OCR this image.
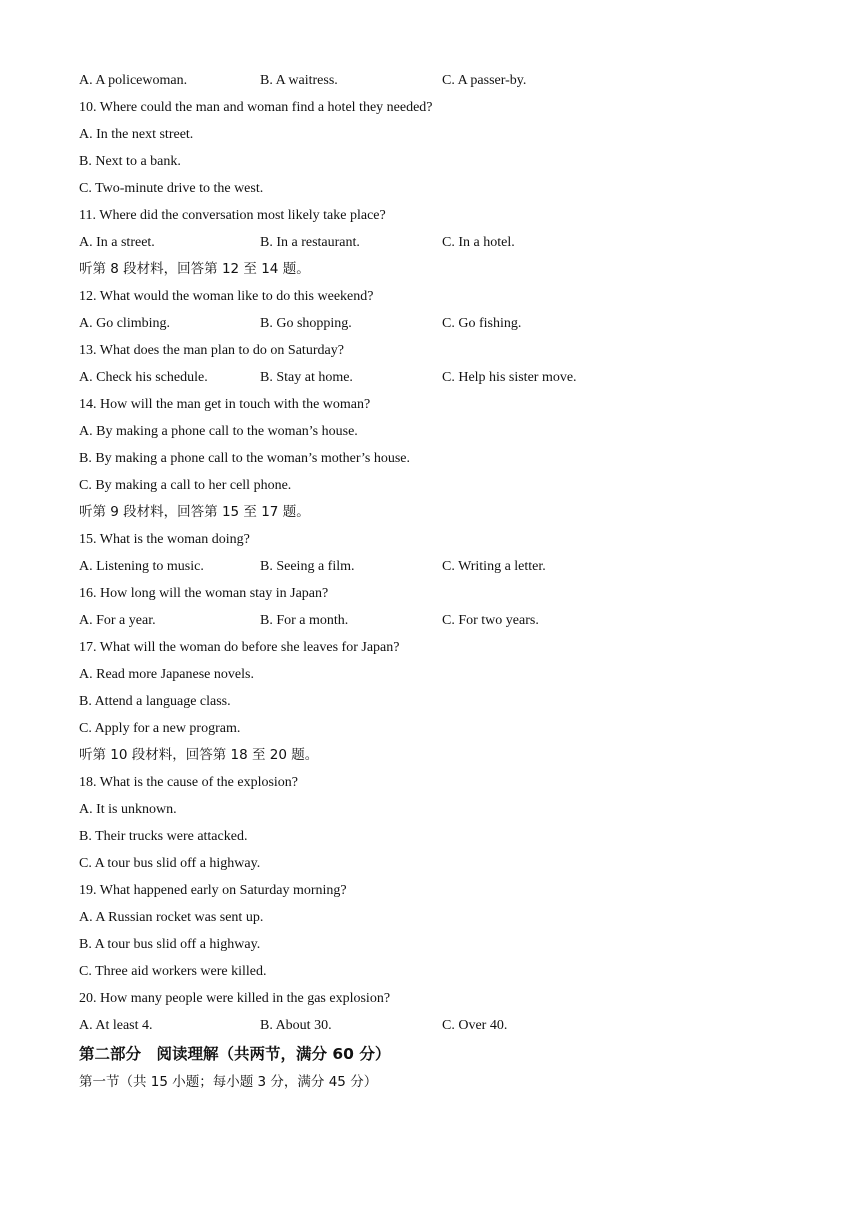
A. A policewoman.	B. A waitress.	C. A passer-by.
10. Where could the man and woman find a hotel they needed?
A. In the next street.
B. Next to a bank.
C. Two-minute drive to the west.
11. Where did the conversation most likely take place?
A. In a street.	B. In a restaurant.	C. In a hotel.
听第 8 段材料，回答第 12 至 14 题。
12. What would the woman like to do this weekend?
A. Go climbing.	B. Go shopping.	C. Go fishing.
13. What does the man plan to do on Saturday?
A. Check his schedule.	B. Stay at home.	C. Help his sister move.
14. How will the man get in touch with the woman?
A. By making a phone call to the woman’s house.
B. By making a phone call to the woman’s mother’s house.
C. By making a call to her cell phone.
听第 9 段材料，回答第 15 至 17 题。
15. What is the woman doing?
A. Listening to music.	B. Seeing a film.	C. Writing a letter.
16. How long will the woman stay in Japan?
A. For a year.	B. For a month.	C. For two years.
17. What will the woman do before she leaves for Japan?
A. Read more Japanese novels.
B. Attend a language class.
C. Apply for a new program.
听第 10 段材料，回答第 18 至 20 题。
18. What is the cause of the explosion?
A. It is unknown.
B. Their trucks were attacked.
C. A tour bus slid off a highway.
19. What happened early on Saturday morning?
A. A Russian rocket was sent up.
B. A tour bus slid off a highway.
C. Three aid workers were killed.
20. How many people were killed in the gas explosion?
A. At least 4.	B. About 30.	C. Over 40.
第二部分　阅读理解（共两节，满分 60 分）
第一节（共 15 小题；每小题 3 分，满分 45 分）
